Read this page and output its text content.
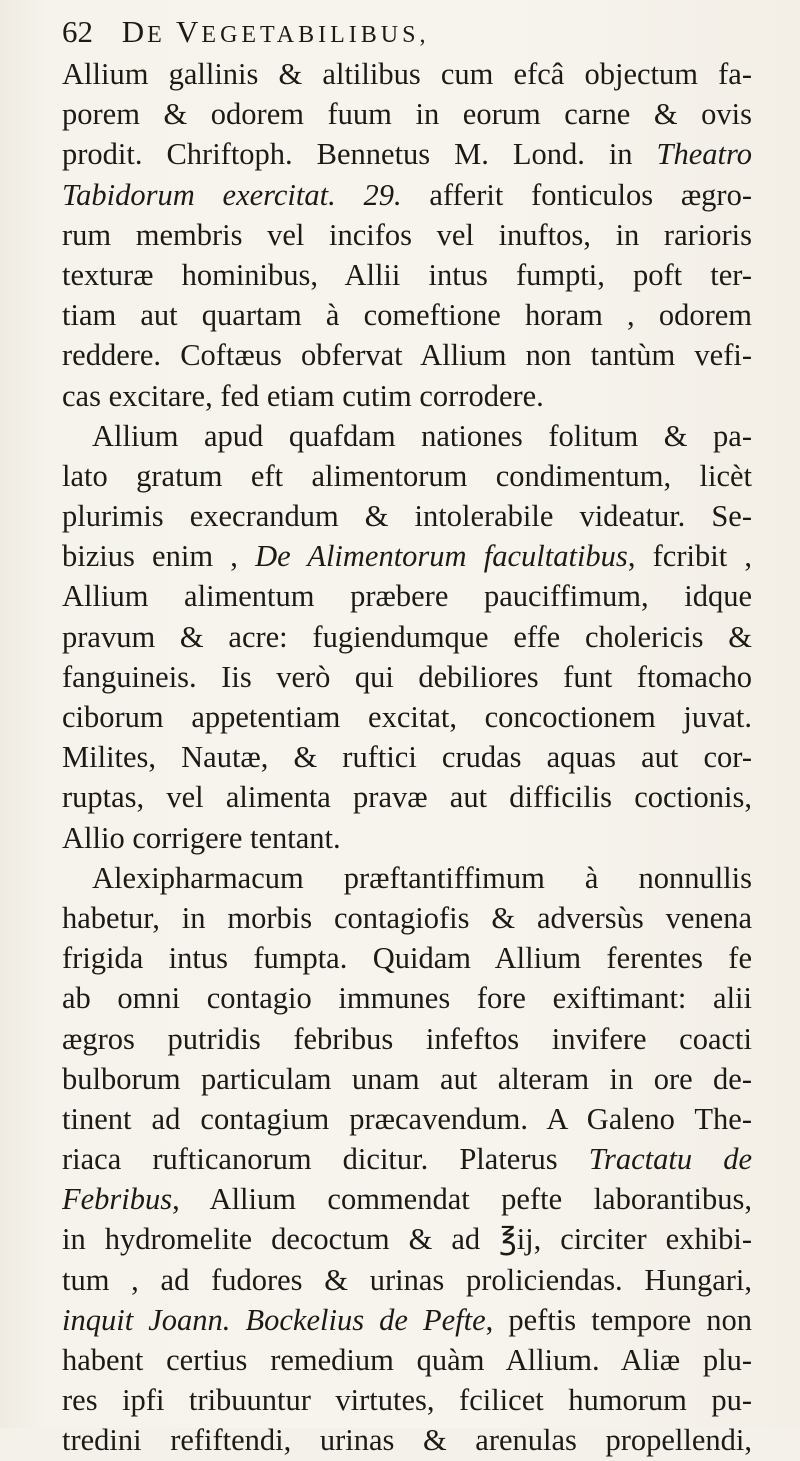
62 DE VEGETABILIBUS,
Allium gallinis & altilibus cum efcâ objectum fa-
porem & odorem fuum in eorum carne & ovis
prodit. Chriftoph. Bennetus M. Lond. in Theatro
Tabidorum exercitat. 29. afferit fonticulos ægro-
rum membris vel incifos vel inuftos, in rarioris
texturæ hominibus, Allii intus fumpti, poft ter-
tiam aut quartam à comeftione horam , odorem
reddere. Coftæus obfervat Allium non tantùm vefi-
cas excitare, fed etiam cutim corrodere.
Allium apud quafdam nationes folitum & pa-
lato gratum eft alimentorum condimentum, licèt
plurimis execrandum & intolerabile videatur. Se-
bizius enim , De Alimentorum facultatibus, fcribit ,
Allium alimentum præbere pauciffimum, idque
pravum & acre: fugiendumque effe cholericis &
fanguineis. Iis verò qui debiliores funt ftomacho
ciborum appetentiam excitat, concoctionem juvat.
Milites, Nautæ, & ruftici crudas aquas aut cor-
ruptas, vel alimenta pravæ aut difficilis coctionis,
Allio corrigere tentant.
Alexipharmacum præftantiffimum à nonnullis
habetur, in morbis contagiofis & adversùs venena
frigida intus fumpta. Quidam Allium ferentes fe
ab omni contagio immunes fore exiftimant: alii
ægros putridis febribus infeftos invifere coacti
bulborum particulam unam aut alteram in ore de-
tinent ad contagium præcavendum. A Galeno The-
riaca rufticanorum dicitur. Platerus Tractatu de
Febribus, Allium commendat pefte laborantibus,
in hydromelite decoctum & ad ℥ij, circiter exhibi-
tum , ad fudores & urinas proliciendas. Hungari,
inquit Joann. Bockelius de Pefte, peftis tempore non
habent certius remedium quàm Allium. Aliæ plu-
res ipfi tribuuntur virtutes, fcilicet humorum pu-
tredini refiftendi, urinas & arenulas propellendi,
